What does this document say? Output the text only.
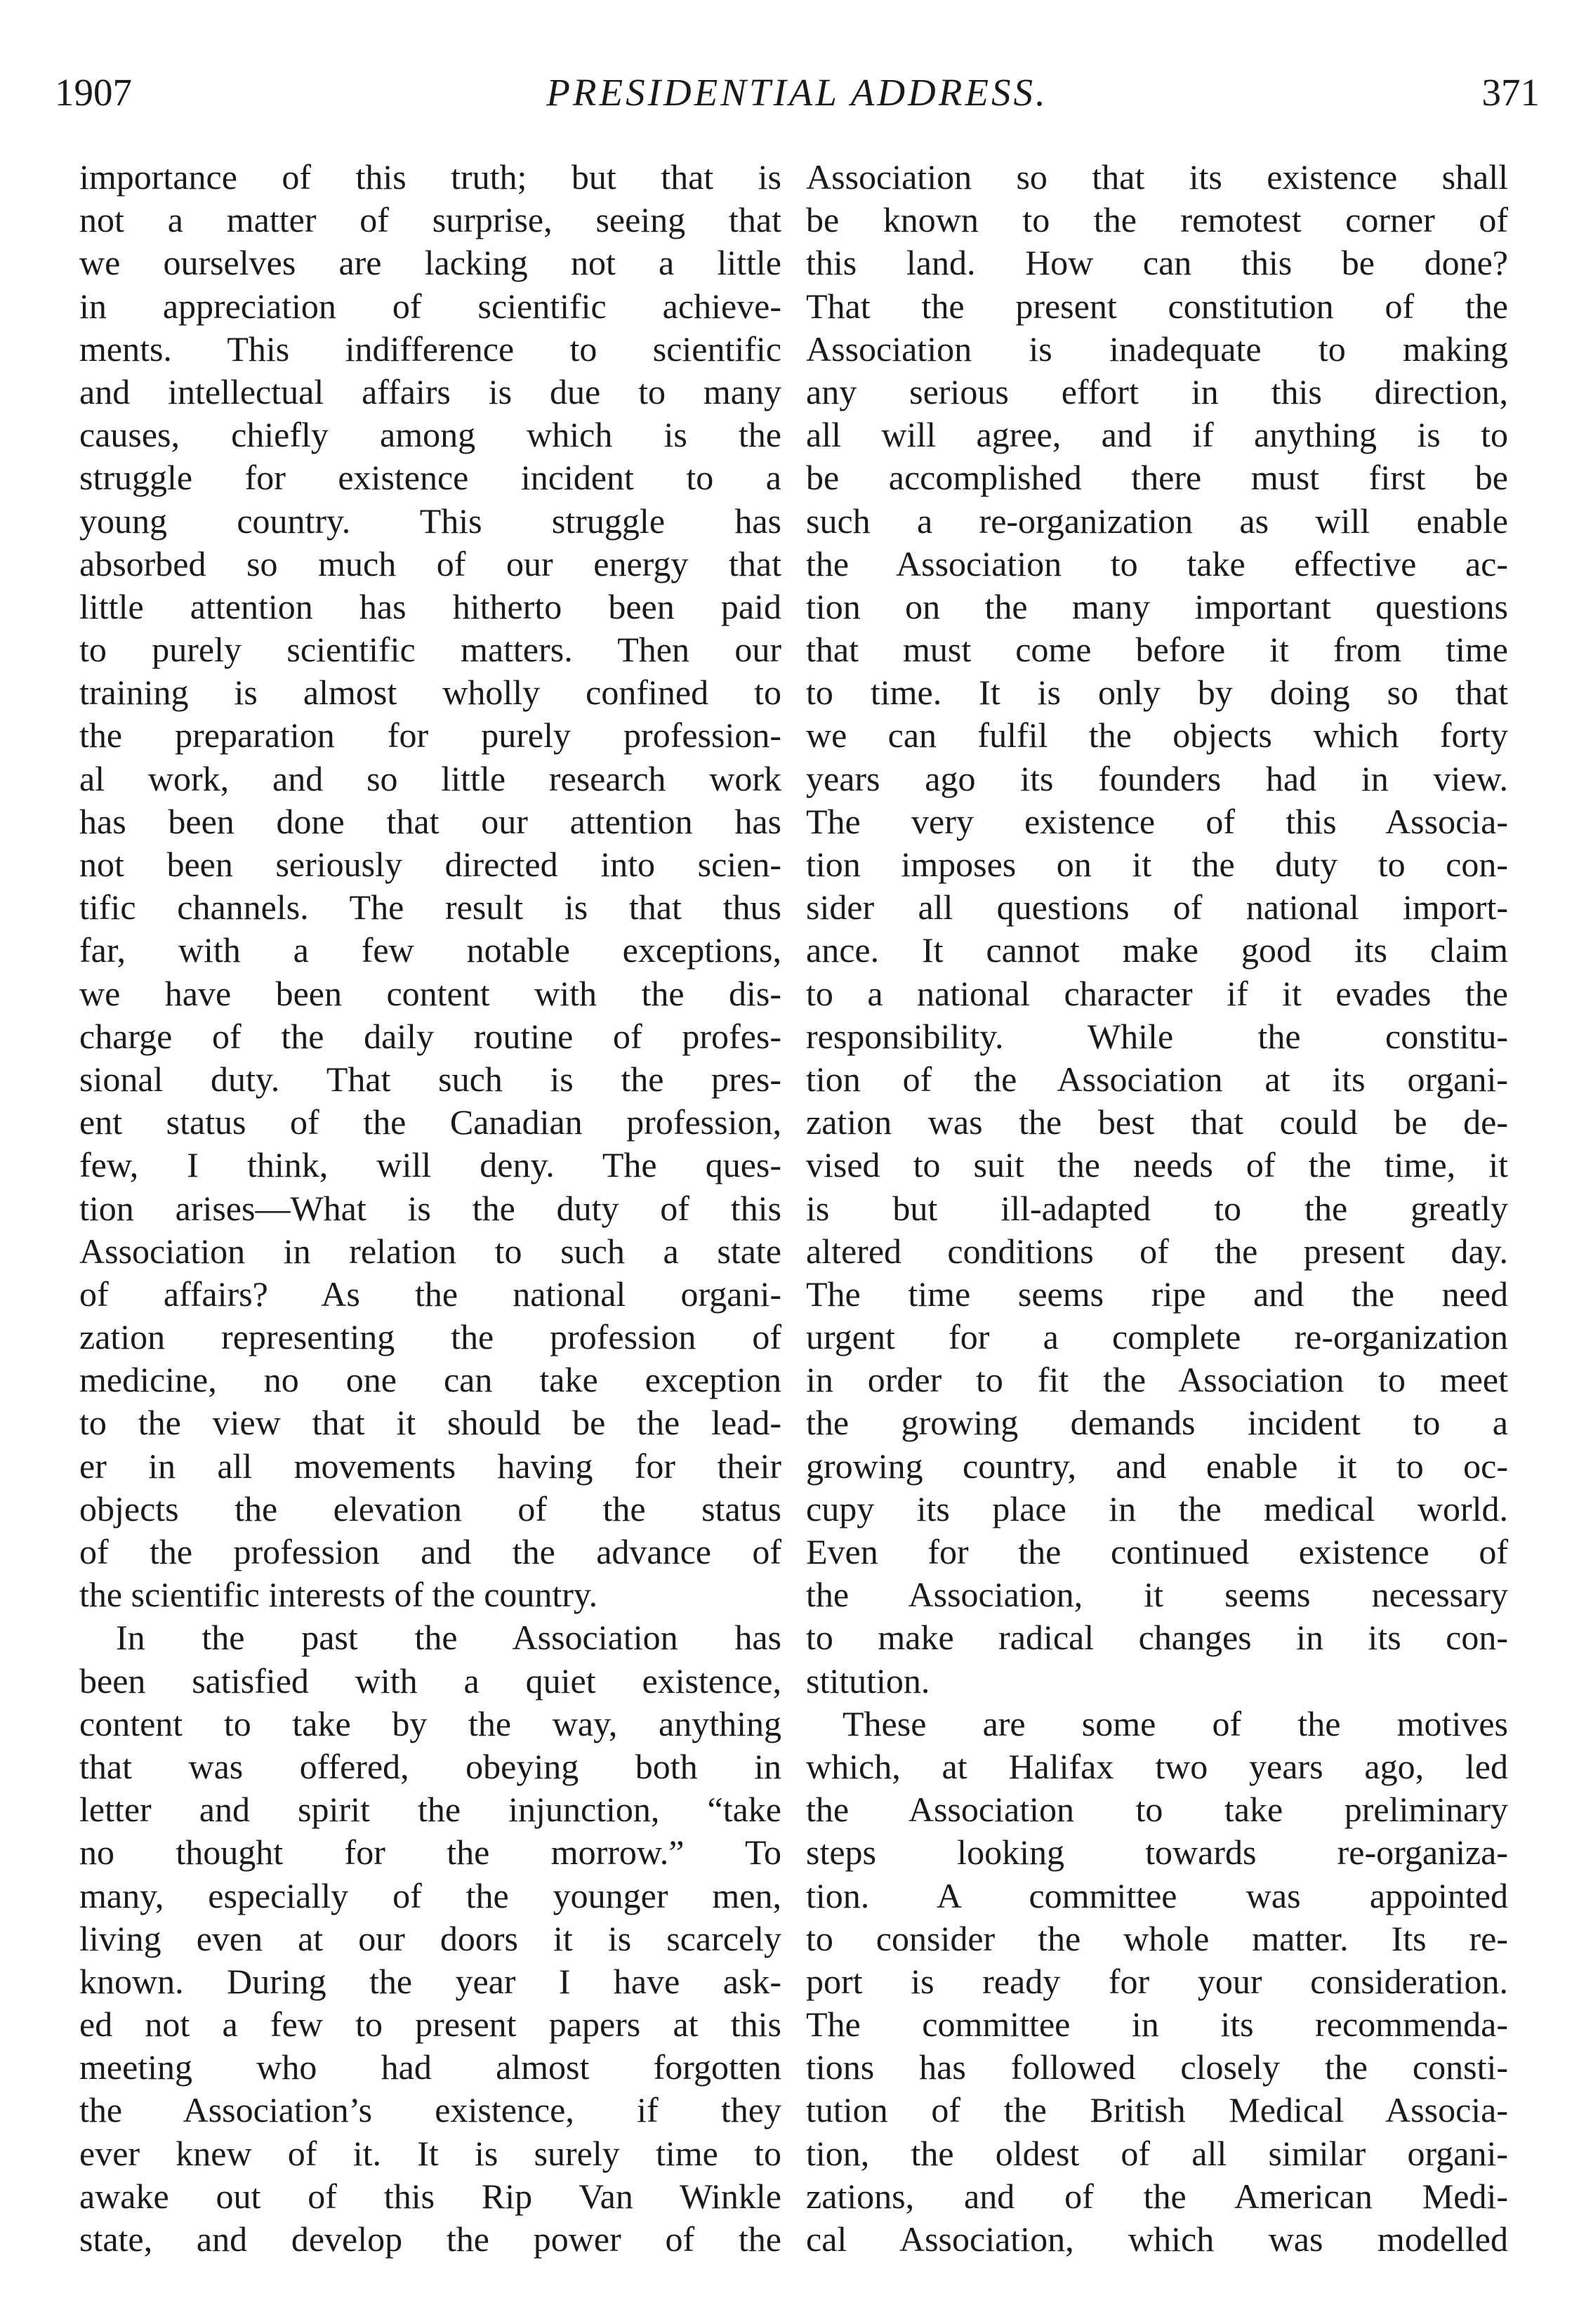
1907	PRESIDENTIAL ADDRESS.	371
importance of this truth; but that is
not a matter of surprise, seeing that
we ourselves are lacking not a little
in appreciation of scientific achieve-
ments. This indifference to scientific
and intellectual affairs is due to many
causes, chiefly among which is the
struggle for existence incident to a
young country. This struggle has
absorbed so much of our energy that
little attention has hitherto been paid
to purely scientific matters. Then our
training is almost wholly confined to
the preparation for purely profession-
al work, and so little research work
has been done that our attention has
not been seriously directed into scien-
tific channels. The result is that thus
far, with a few notable exceptions,
we have been content with the dis-
charge of the daily routine of profes-
sional duty. That such is the pres-
ent status of the Canadian profession,
few, I think, will deny. The ques-
tion arises—What is the duty of this
Association in relation to such a state
of affairs? As the national organi-
zation representing the profession of
medicine, no one can take exception
to the view that it should be the lead-
er in all movements having for their
objects the elevation of the status
of the profession and the advance of
the scientific interests of the country.
In the past the Association has
been satisfied with a quiet existence,
content to take by the way, anything
that was offered, obeying both in
letter and spirit the injunction, “take
no thought for the morrow.” To
many, especially of the younger men,
living even at our doors it is scarcely
known. During the year I have ask-
ed not a few to present papers at this
meeting who had almost forgotten
the Association’s existence, if they
ever knew of it. It is surely time to
awake out of this Rip Van Winkle
state, and develop the power of the
Association so that its existence shall
be known to the remotest corner of
this land. How can this be done?
That the present constitution of the
Association is inadequate to making
any serious effort in this direction,
all will agree, and if anything is to
be accomplished there must first be
such a re-organization as will enable
the Association to take effective ac-
tion on the many important questions
that must come before it from time
to time. It is only by doing so that
we can fulfil the objects which forty
years ago its founders had in view.
The very existence of this Associa-
tion imposes on it the duty to con-
sider all questions of national import-
ance. It cannot make good its claim
to a national character if it evades the
responsibility. While the constitu-
tion of the Association at its organi-
zation was the best that could be de-
vised to suit the needs of the time, it
is but ill-adapted to the greatly
altered conditions of the present day.
The time seems ripe and the need
urgent for a complete re-organization
in order to fit the Association to meet
the growing demands incident to a
growing country, and enable it to oc-
cupy its place in the medical world.
Even for the continued existence of
the Association, it seems necessary
to make radical changes in its con-
stitution.
These are some of the motives
which, at Halifax two years ago, led
the Association to take preliminary
steps looking towards re-organiza-
tion. A committee was appointed
to consider the whole matter. Its re-
port is ready for your consideration.
The committee in its recommenda-
tions has followed closely the consti-
tution of the British Medical Associa-
tion, the oldest of all similar organi-
zations, and of the American Medi-
cal Association, which was modelled
